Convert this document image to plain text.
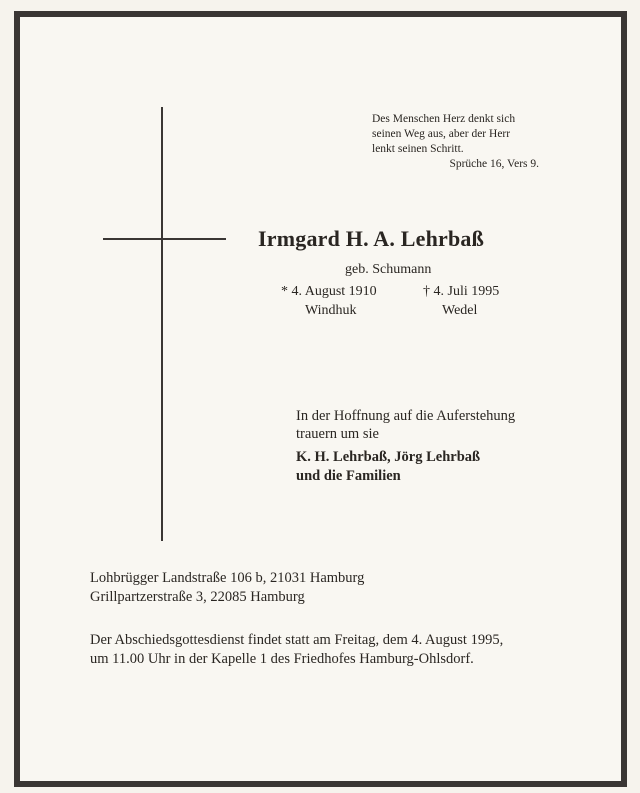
Des Menschen Herz denkt sich
seinen Weg aus, aber der Herr
lenkt seinen Schritt.
Sprüche 16, Vers 9.
Irmgard H. A. Lehrbaß
geb. Schumann
* 4. August 1910
Windhuk
† 4. Juli 1995
Wedel
In der Hoffnung auf die Auferstehung
trauern um sie
K. H. Lehrbaß, Jörg Lehrbaß
und die Familien
Lohbrügger Landstraße 106 b, 21031 Hamburg
Grillpartzerstraße 3, 22085 Hamburg
Der Abschiedsgottesdienst findet statt am Freitag, dem 4. August 1995,
um 11.00 Uhr in der Kapelle 1 des Friedhofes Hamburg-Ohlsdorf.
